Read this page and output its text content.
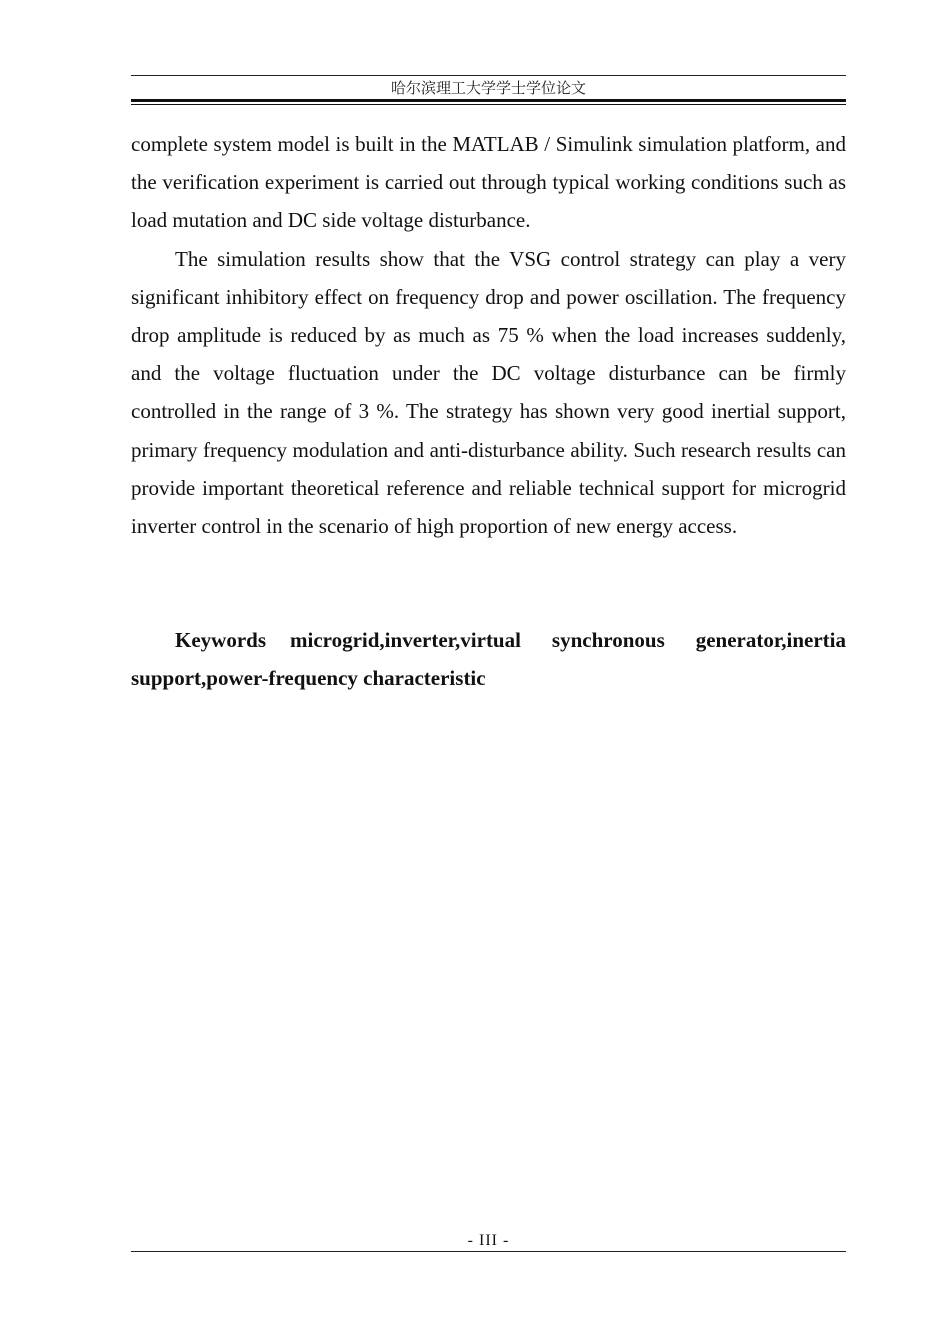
哈尔滨理工大学学士学位论文

complete system model is built in the MATLAB / Simulink simulation platform, and the verification experiment is carried out through typical working conditions such as load mutation and DC side voltage disturbance.

The simulation results show that the VSG control strategy can play a very significant inhibitory effect on frequency drop and power oscillation. The frequency drop amplitude is reduced by as much as 75 % when the load increases suddenly, and the voltage fluctuation under the DC voltage disturbance can be firmly controlled in the range of 3 %. The strategy has shown very good inertial support, primary frequency modulation and anti-disturbance ability. Such research results can provide important theoretical reference and reliable technical support for microgrid inverter control in the scenario of high proportion of new energy access.

Keywords microgrid,inverter,virtual synchronous generator,inertia support,power-frequency characteristic
- III -
